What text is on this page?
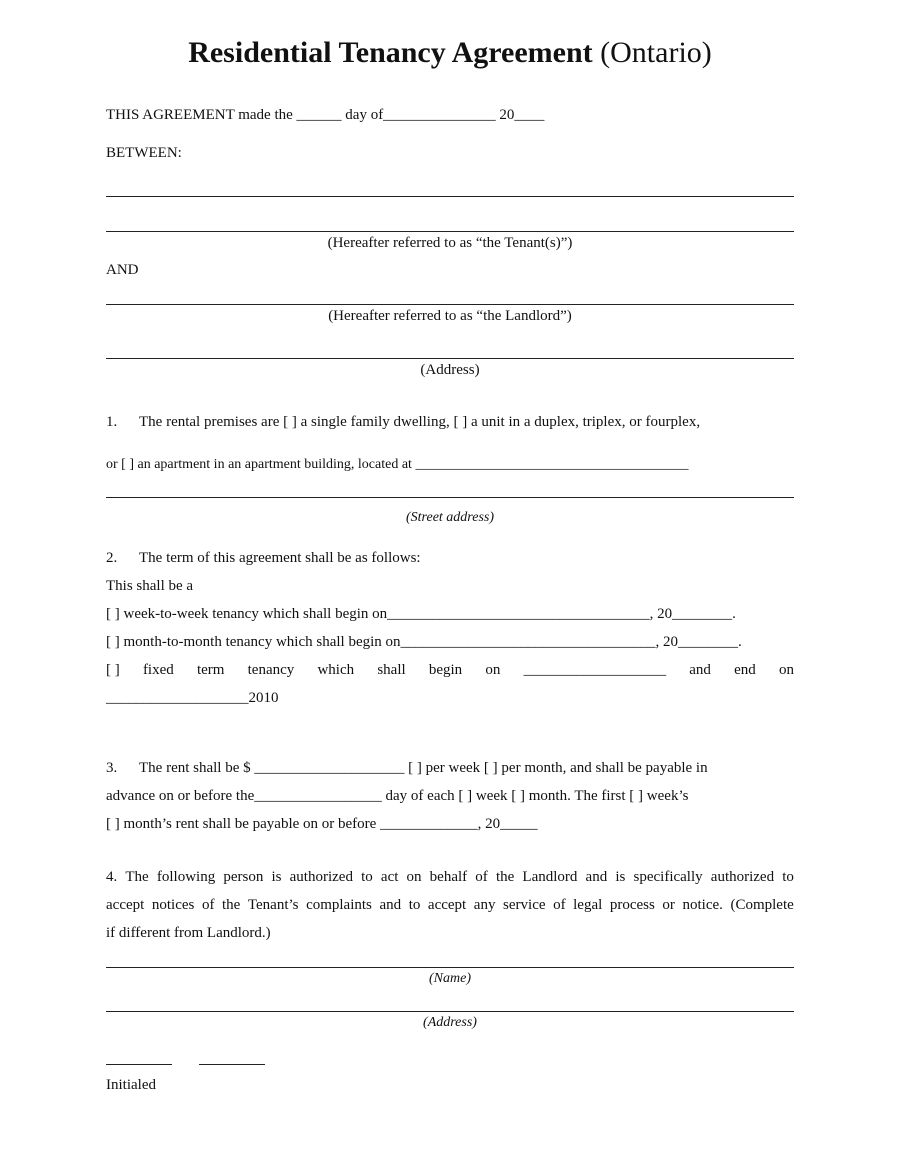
Residential Tenancy Agreement (Ontario)
THIS AGREEMENT made the ______ day of_______________ 20____
BETWEEN:
(Hereafter referred to as “the Tenant(s)”)
AND
(Hereafter referred to as “the Landlord”)
(Address)
1. The rental premises are [ ] a single family dwelling, [ ] a unit in a duplex, triplex, or fourplex,
or [ ] an apartment in an apartment building, located at _______________________________________
(Street address)
2. The term of this agreement shall be as follows:
This shall be a
[ ] week-to-week tenancy which shall begin on___________________________________, 20________.
[ ] month-to-month tenancy which shall begin on__________________________________, 20________.
[ ] fixed term tenancy which shall begin on ___________________ and end on
___________________2010
3. The rent shall be $ ____________________ [ ] per week [ ] per month, and shall be payable in
advance on or before the_________________ day of each [ ] week [ ] month. The first [ ] week’s
[ ] month’s rent shall be payable on or before _____________, 20_____
4. The following person is authorized to act on behalf of the Landlord and is specifically authorized to
accept notices of the Tenant’s complaints and to accept any service of legal process or notice. (Complete
if different from Landlord.)
(Name)
(Address)
Initialed
